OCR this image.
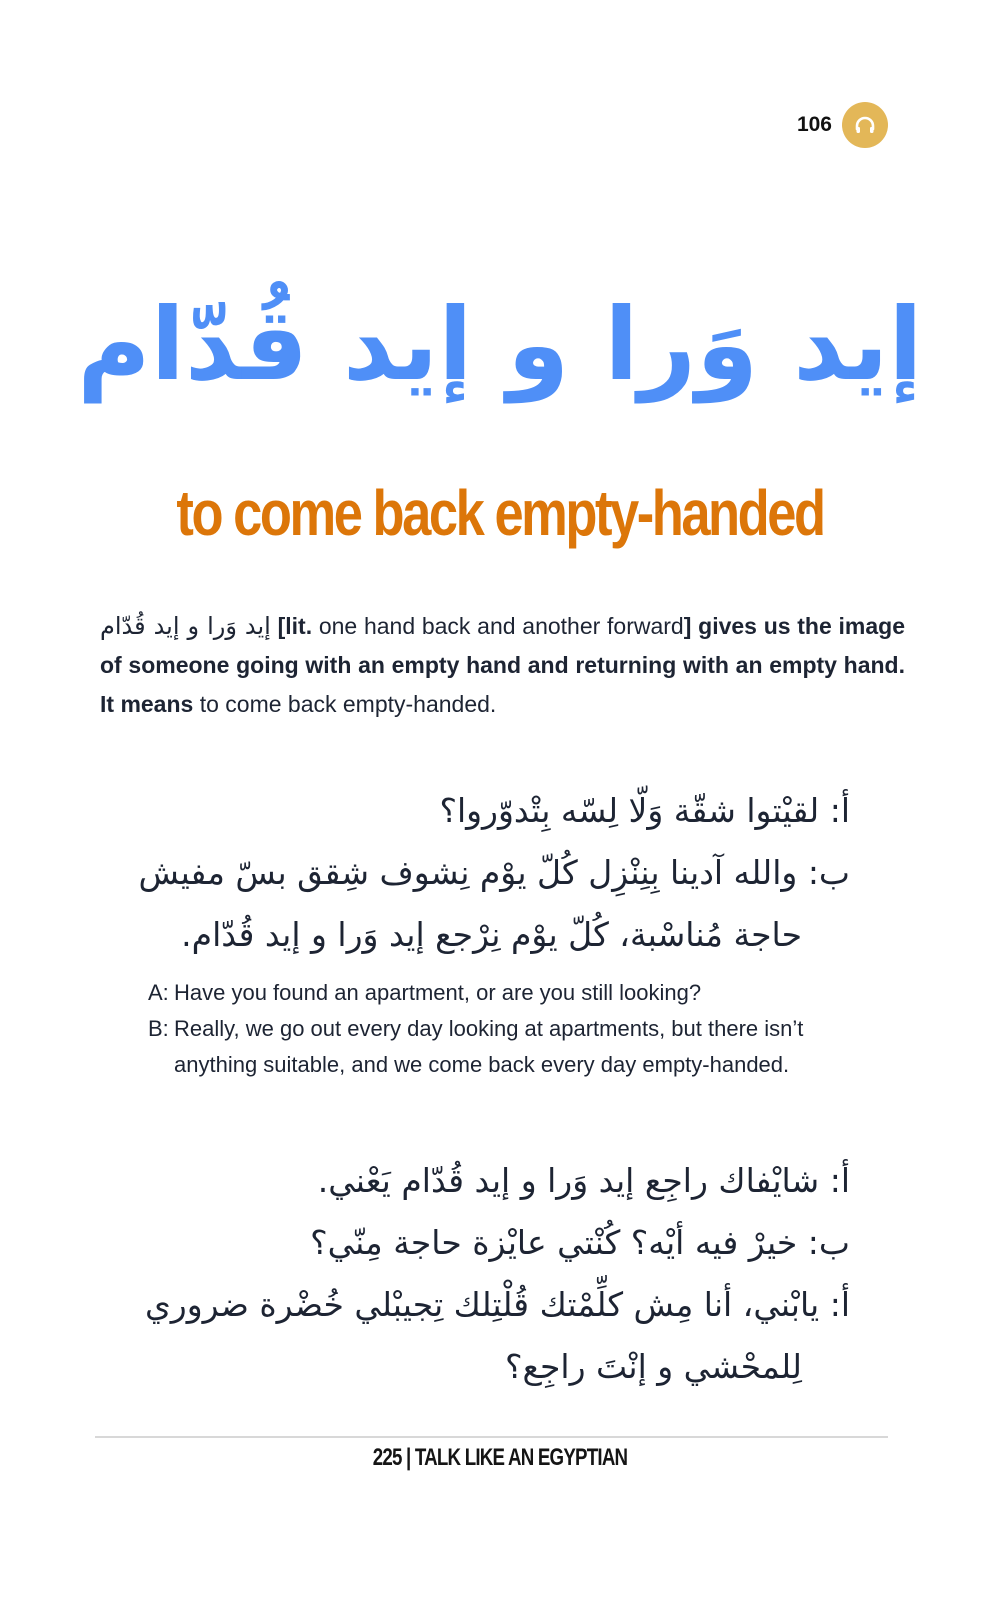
106
إيد وَرا و إيد قُدّام
to come back empty-handed

إيد وَرا و إيد قُدّام [lit. one hand back and another forward] gives us the image of someone going with an empty hand and returning with an empty hand. It means to come back empty-handed.

أ: لقيْتوا شقّة وَلّا لِسّه بِتْدوّروا؟
ب: والله آدينا بِنِنْزِل كُلّ يوْم نِشوف شِقق بسّ مفيش
حاجة مُناسْبة، كُلّ يوْم نِرْجع إيد وَرا و إيد قُدّام.
A: Have you found an apartment, or are you still looking?
B: Really, we go out every day looking at apartments, but there isn’t anything suitable, and we come back every day empty-handed.
أ: شايْفاك راجِع إيد وَرا و إيد قُدّام يَعْني.
ب: خيرْ فيه أيْه؟ كُنْتي عايْزة حاجة مِنّي؟
أ: يابْني، أنا مِش كلِّمْتك قُلْتِلك تِجيبْلي خُضْرة ضروري
لِلمحْشي و إنْتَ راجِع؟
225 | TALK LIKE AN EGYPTIAN
